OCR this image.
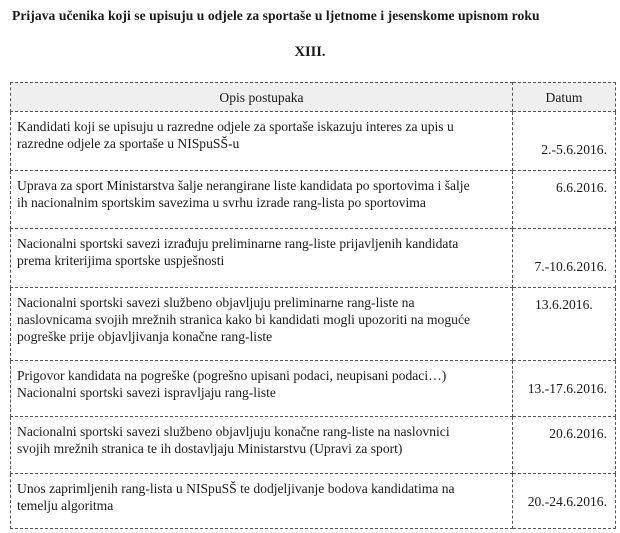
Prijava učenika koji se upisuju u odjele za sportaše u ljetnome i jesenskome upisnom roku
XIII.
Opis postupaka	Datum
Kandidati koji se upisuju u razredne odjele za sportaše iskazuju interes za upis u
razredne odjele za sportaše u NISpuSŠ-u	2.-5.6.2016.
Uprava za sport Ministarstva šalje nerangirane liste kandidata po sportovima i šalje
ih nacionalnim sportskim savezima u svrhu izrade rang-lista po sportovima	6.6.2016.
Nacionalni sportski savezi izrađuju preliminarne rang-liste prijavljenih kandidata
prema kriterijima sportske uspješnosti	7.-10.6.2016.
Nacionalni sportski savezi službeno objavljuju preliminarne rang-liste na
naslovnicama svojih mrežnih stranica kako bi kandidati mogli upozoriti na moguće
pogreške prije objavljivanja konačne rang-liste	13.6.2016.
Prigovor kandidata na pogreške (pogrešno upisani podaci, neupisani podaci…)
Nacionalni sportski savezi ispravljaju rang-liste	13.-17.6.2016.
Nacionalni sportski savezi službeno objavljuju konačne rang-liste na naslovnici
svojih mrežnih stranica te ih dostavljaju Ministarstvu (Upravi za sport)	20.6.2016.
Unos zaprimljenih rang-lista u NISpuSŠ te dodjeljivanje bodova kandidatima na
temelju algoritma	20.-24.6.2016.
